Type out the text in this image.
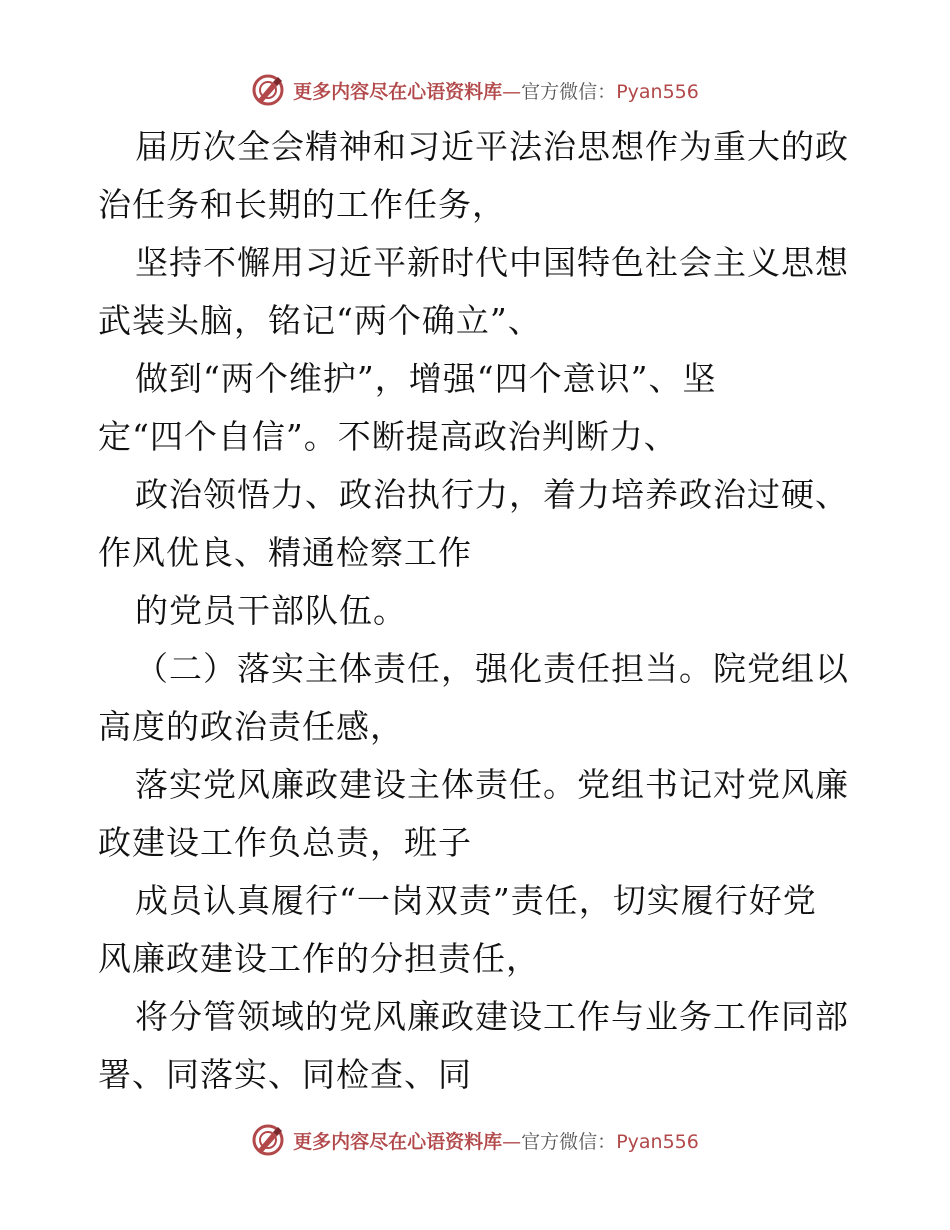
更多内容尽在心语资料库—官方微信：Pyan556
届历次全会精神和习近平法治思想作为重大的政
治任务和长期的工作任务，
坚持不懈用习近平新时代中国特色社会主义思想
武装头脑，铭记“两个确立”、
做到“两个维护”，增强“四个意识”、坚
定“四个自信”。不断提高政治判断力、
政治领悟力、政治执行力，着力培养政治过硬、
作风优良、精通检察工作
的党员干部队伍。
（二）落实主体责任，强化责任担当。院党组以
高度的政治责任感，
落实党风廉政建设主体责任。党组书记对党风廉
政建设工作负总责，班子
成员认真履行“一岗双责”责任，切实履行好党
风廉政建设工作的分担责任，
将分管领域的党风廉政建设工作与业务工作同部
署、同落实、同检查、同
更多内容尽在心语资料库—官方微信：Pyan556
